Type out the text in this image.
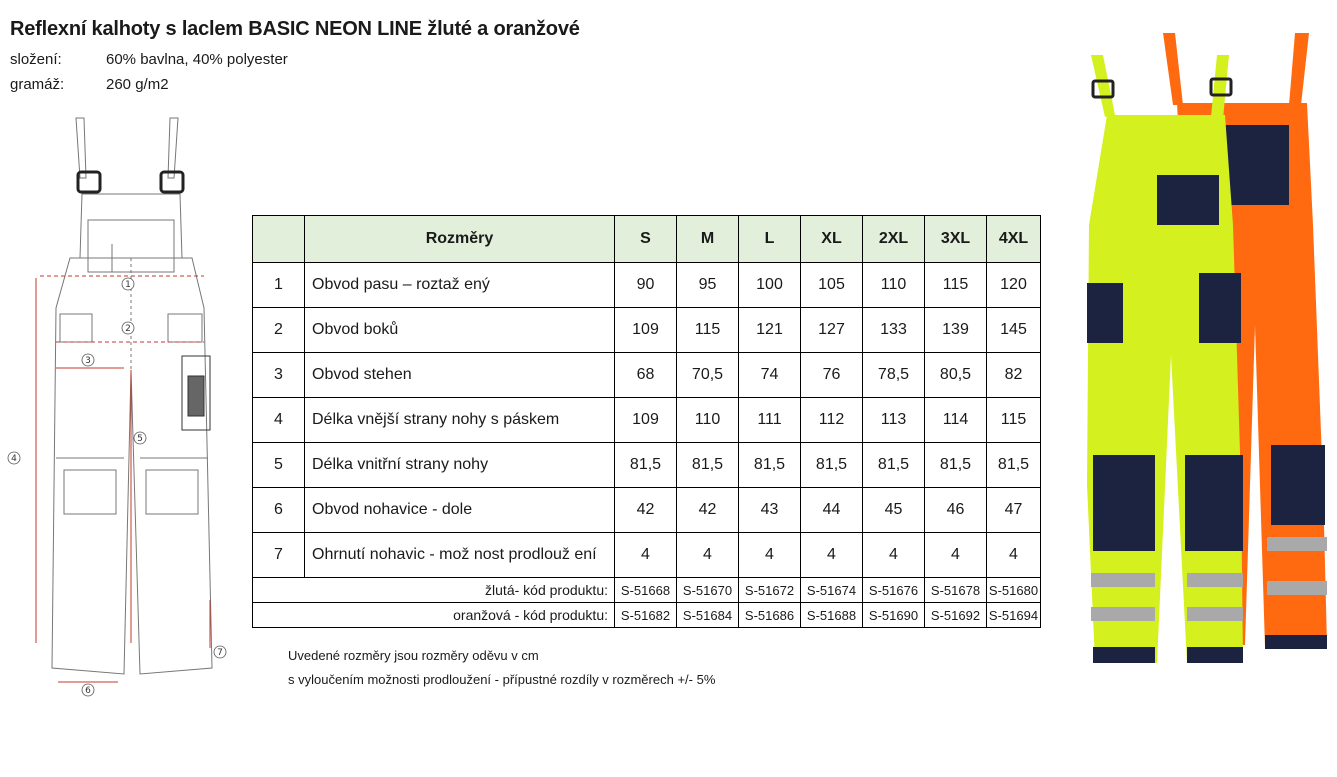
Reflexní kalhoty s laclem BASIC NEON LINE žluté a oranžové
složení:	60% bavlna, 40% polyester
gramáž:	260 g/m2
1
2
3
4
5
6
7
	Rozměry	S	M	L	XL	2XL	3XL	4XL
1	Obvod pasu – roztaž ený	90	95	100	105	110	115	120
2	Obvod boků	109	115	121	127	133	139	145
3	Obvod stehen	68	70,5	74	76	78,5	80,5	82
4	Délka vnější strany nohy s páskem	109	110	111	112	113	114	115
5	Délka vnitřní strany nohy	81,5	81,5	81,5	81,5	81,5	81,5	81,5
6	Obvod nohavice - dole	42	42	43	44	45	46	47
7	Ohrnutí nohavic - mož nost prodlouž ení	4	4	4	4	4	4	4
žlutá- kód produktu:		S-51668	S-51670	S-51672	S-51674	S-51676	S-51678	S-51680
oranžová - kód produktu:		S-51682	S-51684	S-51686	S-51688	S-51690	S-51692	S-51694
Uvedené rozměry jsou rozměry oděvu v cm
s vyloučením možnosti prodloužení - přípustné rozdíly v rozměrech +/- 5%
